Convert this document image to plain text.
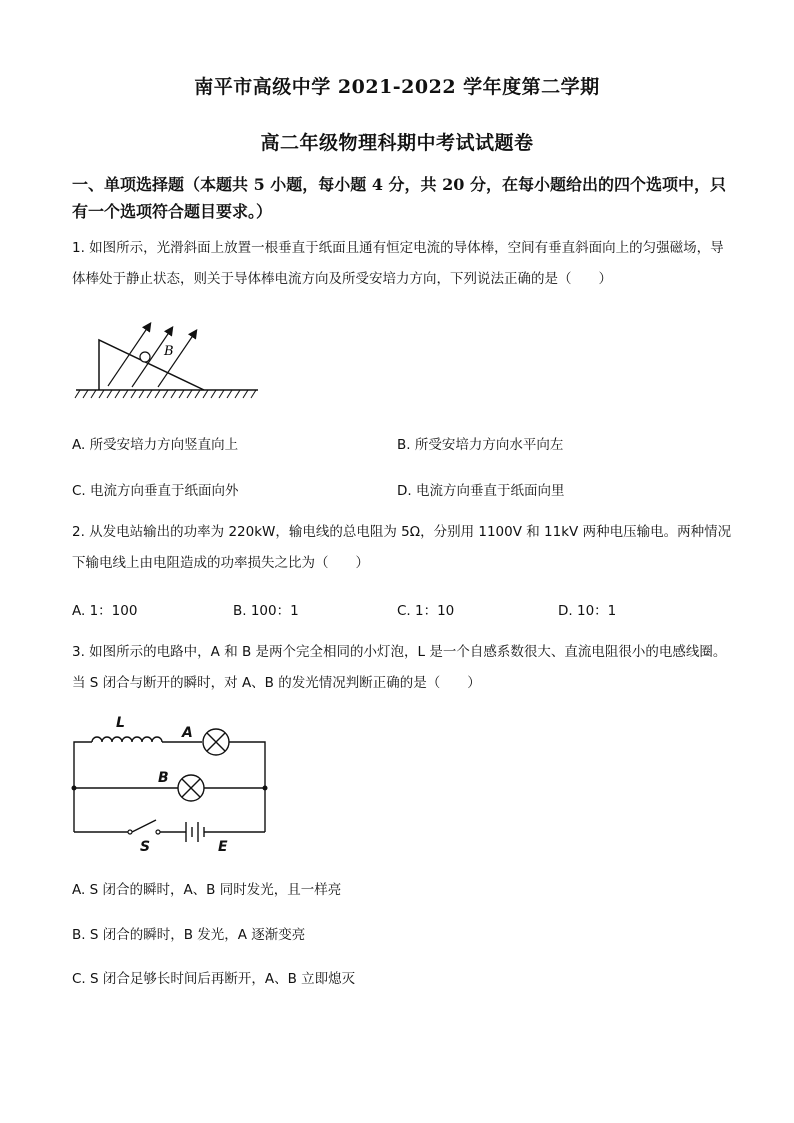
南平市高级中学 2021-2022 学年度第二学期
高二年级物理科期中考试试题卷
一、单项选择题（本题共 5 小题，每小题 4 分，共 20 分，在每小题给出的四个选项中，只有一个选项符合题目要求。）
1. 如图所示，光滑斜面上放置一根垂直于纸面且通有恒定电流的导体棒，空间有垂直斜面向上的匀强磁场，导体棒处于静止状态，则关于导体棒电流方向及所受安培力方向，下列说法正确的是（　　）
B
A. 所受安培力方向竖直向上	B. 所受安培力方向水平向左
C. 电流方向垂直于纸面向外	D. 电流方向垂直于纸面向里
2. 从发电站输出的功率为 220kW，输电线的总电阻为 5Ω，分别用 1100V 和 11kV 两种电压输电。两种情况下输电线上由电阻造成的功率损失之比为（　　）
A. 1：100	B. 100：1	C. 1：10	D. 10：1
3. 如图所示的电路中，A 和 B 是两个完全相同的小灯泡，L 是一个自感系数很大、直流电阻很小的电感线圈。当 S 闭合与断开的瞬时，对 A、B 的发光情况判断正确的是（　　）
L
A
B
S	E
A. S 闭合的瞬时，A、B 同时发光，且一样亮
B. S 闭合的瞬时，B 发光，A 逐渐变亮
C. S 闭合足够长时间后再断开，A、B 立即熄灭
